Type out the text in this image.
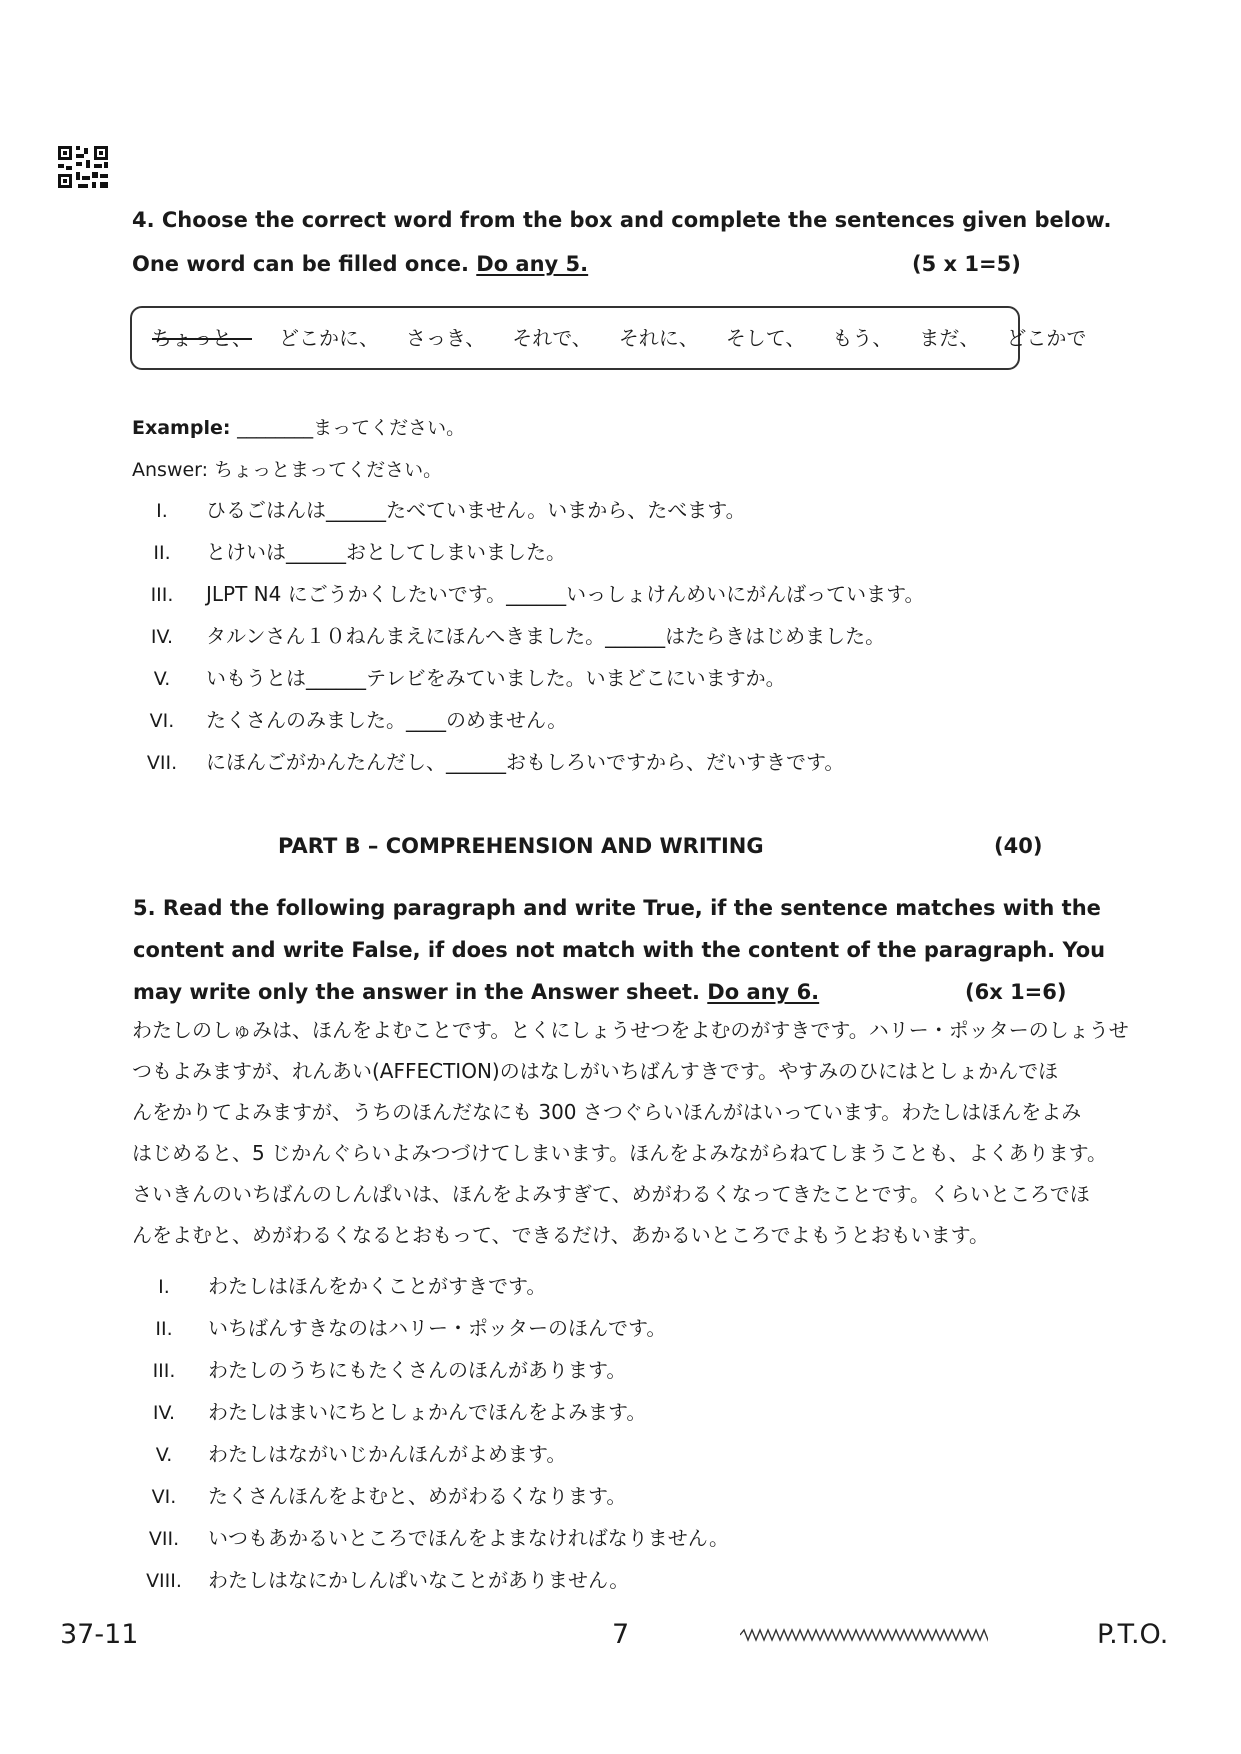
4. Choose the correct word from the box and complete the sentences given below.
One word can be filled once. Do any 5.	(5 x 1=5)
ちょっと、 どこかに、 さっき、 それで、 それに、 そして、 もう、 まだ、 どこかで
Example: ________まってください。
Answer: ちょっとまってください。
I.	ひるごはんは______たべていません。いまから、たべます。
II.	とけいは______おとしてしまいました。
III.	JLPT N4 にごうかくしたいです。______いっしょけんめいにがんばっています。
IV.	タルンさん１０ねんまえにほんへきました。______はたらきはじめました。
V.	いもうとは______テレビをみていました。いまどこにいますか。
VI.	たくさんのみました。____のめません。
VII.	にほんごがかんたんだし、______おもしろいですから、だいすきです。
PART B – COMPREHENSION AND WRITING	(40)
5. Read the following paragraph and write True, if the sentence matches with the
content and write False, if does not match with the content of the paragraph. You
may write only the answer in the Answer sheet. Do any 6.	(6x 1=6)
わたしのしゅみは、ほんをよむことです。とくにしょうせつをよむのがすきです。ハリー・ポッターのしょうせ
つもよみますが、れんあい(AFFECTION)のはなしがいちばんすきです。やすみのひにはとしょかんでほ
んをかりてよみますが、うちのほんだなにも 300 さつぐらいほんがはいっています。わたしはほんをよみ
はじめると、5 じかんぐらいよみつづけてしまいます。ほんをよみながらねてしまうことも、よくあります。
さいきんのいちばんのしんぱいは、ほんをよみすぎて、めがわるくなってきたことです。くらいところでほ
んをよむと、めがわるくなるとおもって、できるだけ、あかるいところでよもうとおもいます。
I.	わたしはほんをかくことがすきです。
II.	いちばんすきなのはハリー・ポッターのほんです。
III.	わたしのうちにもたくさんのほんがあります。
IV.	わたしはまいにちとしょかんでほんをよみます。
V.	わたしはながいじかんほんがよめます。
VI.	たくさんほんをよむと、めがわるくなります。
VII.	いつもあかるいところでほんをよまなければなりません。
VIII.	わたしはなにかしんぱいなことがありません。
37-11	7	P.T.O.
